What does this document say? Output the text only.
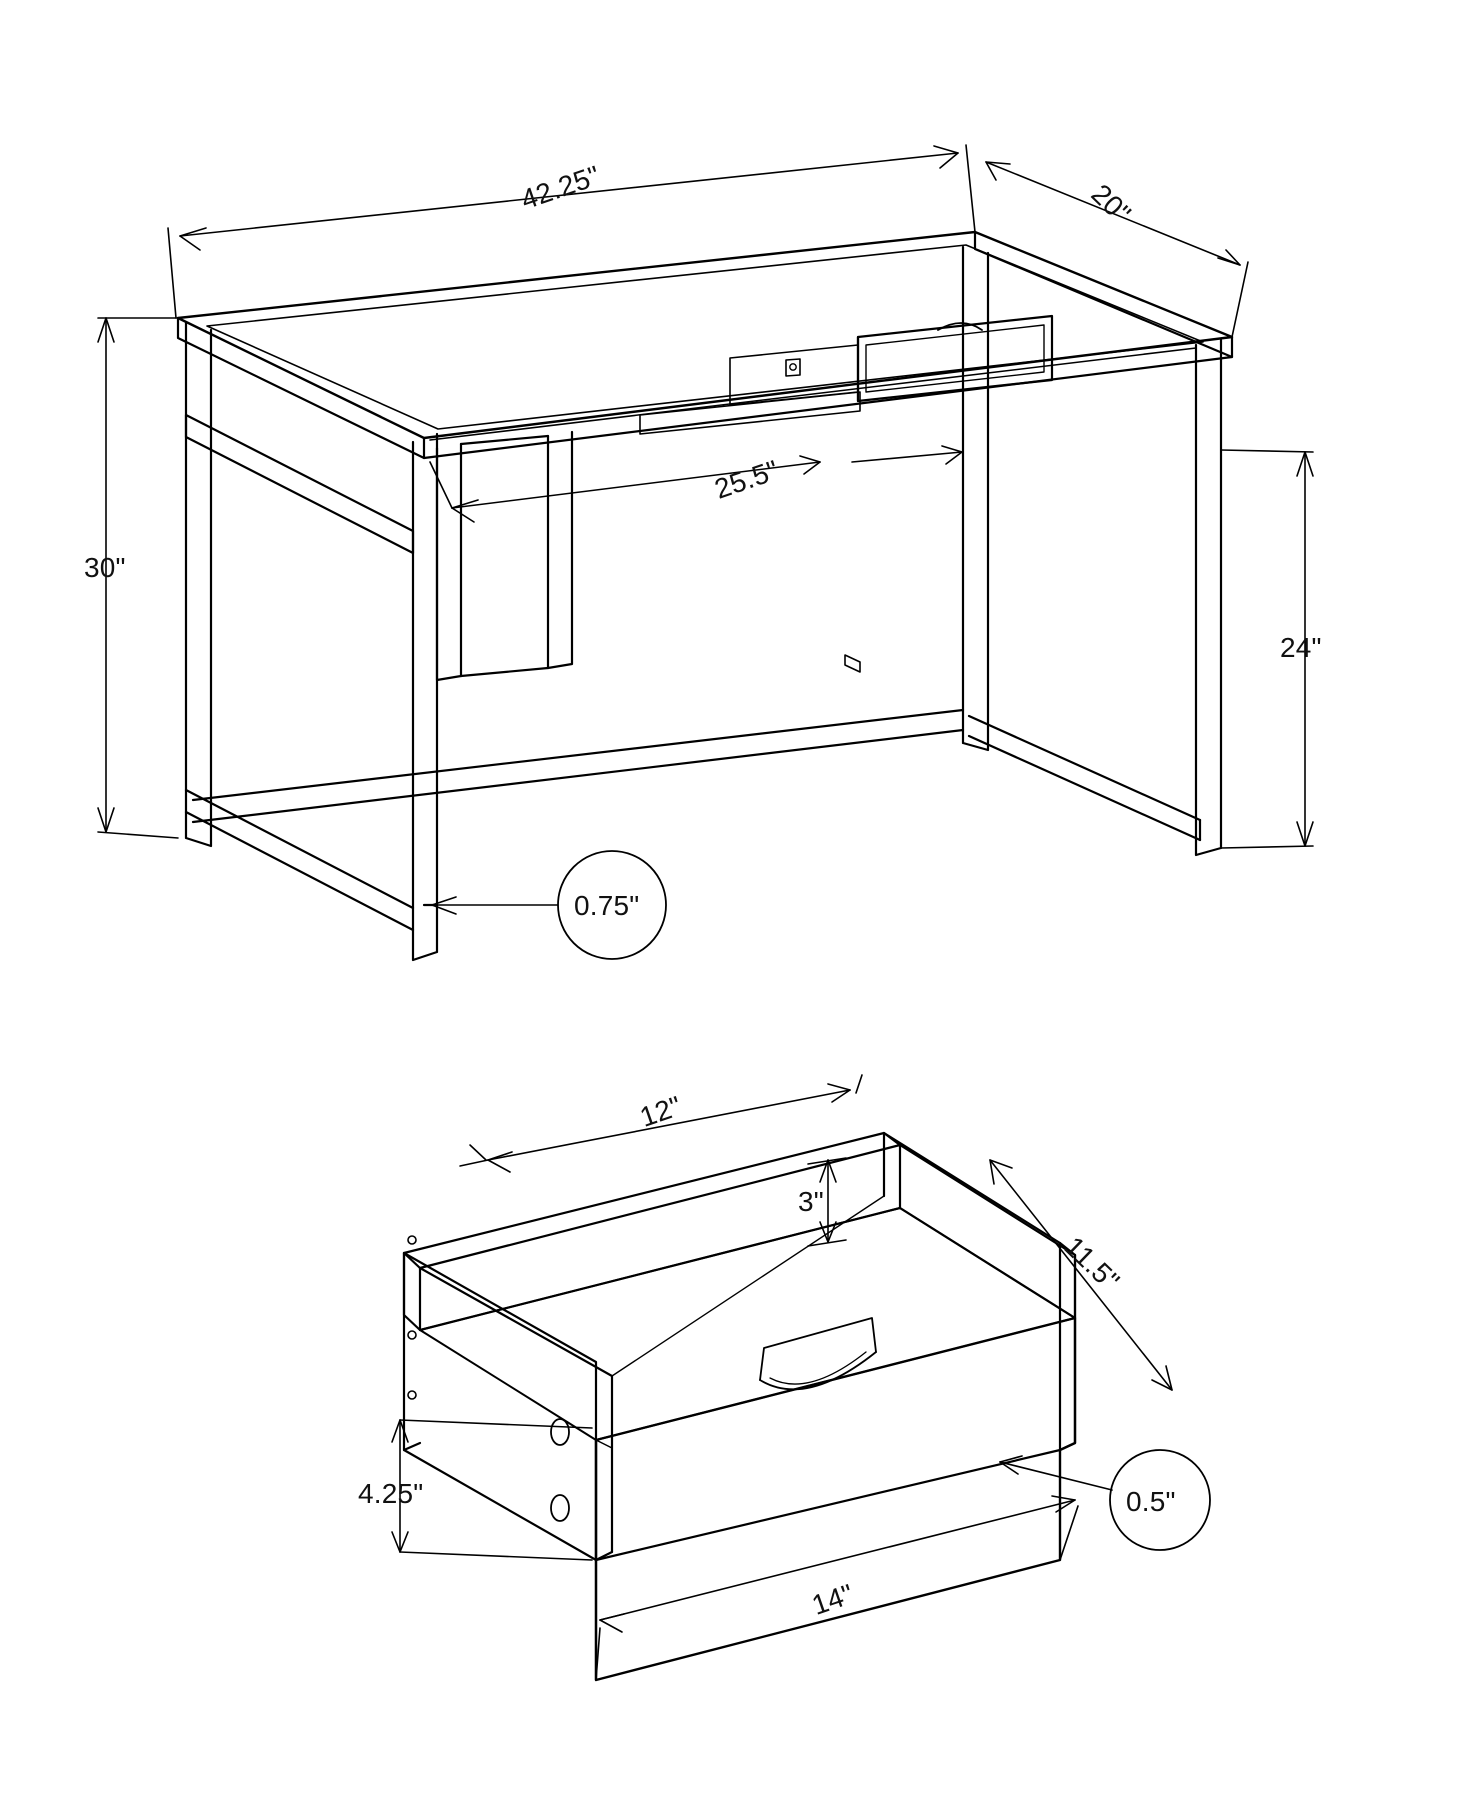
42.25"	20"
30"
24"
25.5"
0.75"
12"
11.5"
3"
4.25"
14"
0.5"
